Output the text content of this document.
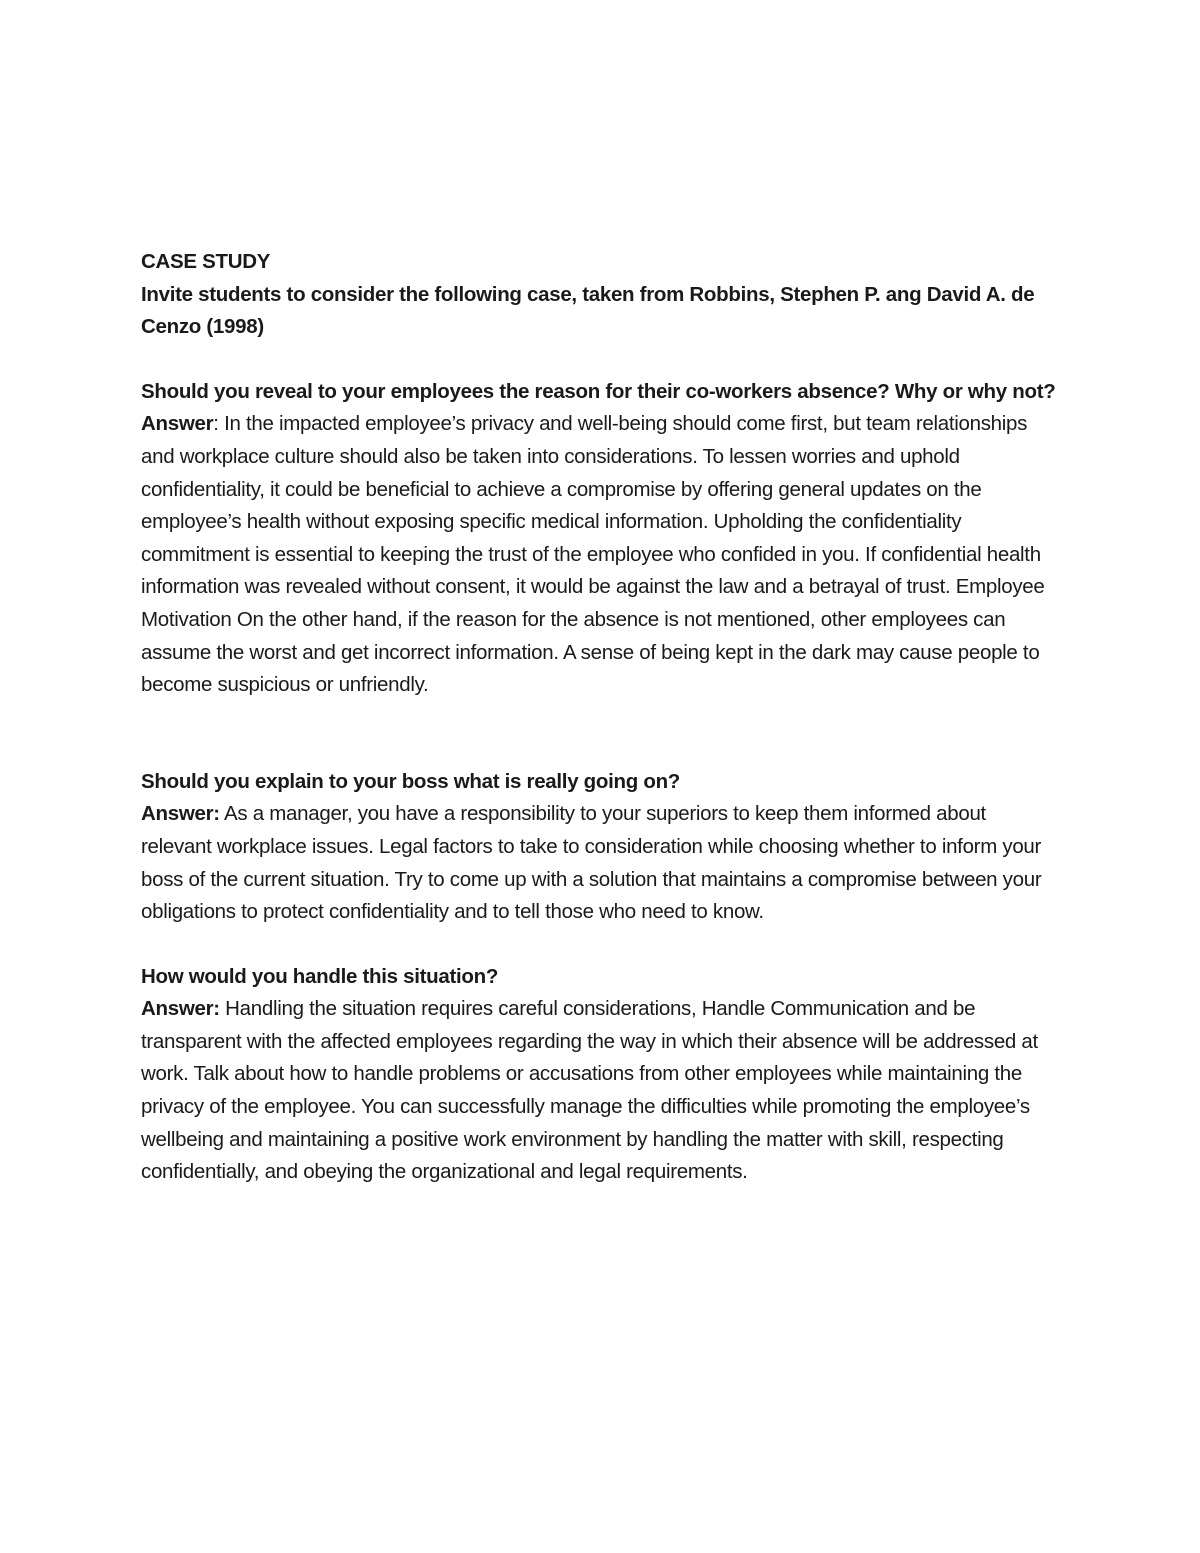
CASE STUDY

Invite students to consider the following case, taken from Robbins, Stephen P. ang David A. de Cenzo (1998)

Should you reveal to your employees the reason for their co-workers absence? Why or why not?

Answer: In the impacted employee’s privacy and well-being should come first, but team relationships and workplace culture should also be taken into considerations. To lessen worries and uphold confidentiality, it could be beneficial to achieve a compromise by offering general updates on the employee’s health without exposing specific medical information. Upholding the confidentiality commitment is essential to keeping the trust of the employee who confided in you. If confidential health information was revealed without consent, it would be against the law and a betrayal of trust. Employee Motivation On the other hand, if the reason for the absence is not mentioned, other employees can assume the worst and get incorrect information. A sense of being kept in the dark may cause people to become suspicious or unfriendly.

Should you explain to your boss what is really going on?

Answer: As a manager, you have a responsibility to your superiors to keep them informed about relevant workplace issues. Legal factors to take to consideration while choosing whether to inform your boss of the current situation. Try to come up with a solution that maintains a compromise between your obligations to protect confidentiality and to tell those who need to know.

How would you handle this situation?

Answer: Handling the situation requires careful considerations, Handle Communication and be transparent with the affected employees regarding the way in which their absence will be addressed at work. Talk about how to handle problems or accusations from other employees while maintaining the privacy of the employee. You can successfully manage the difficulties while promoting the employee’s wellbeing and maintaining a positive work environment by handling the matter with skill, respecting confidentially, and obeying the organizational and legal requirements.
